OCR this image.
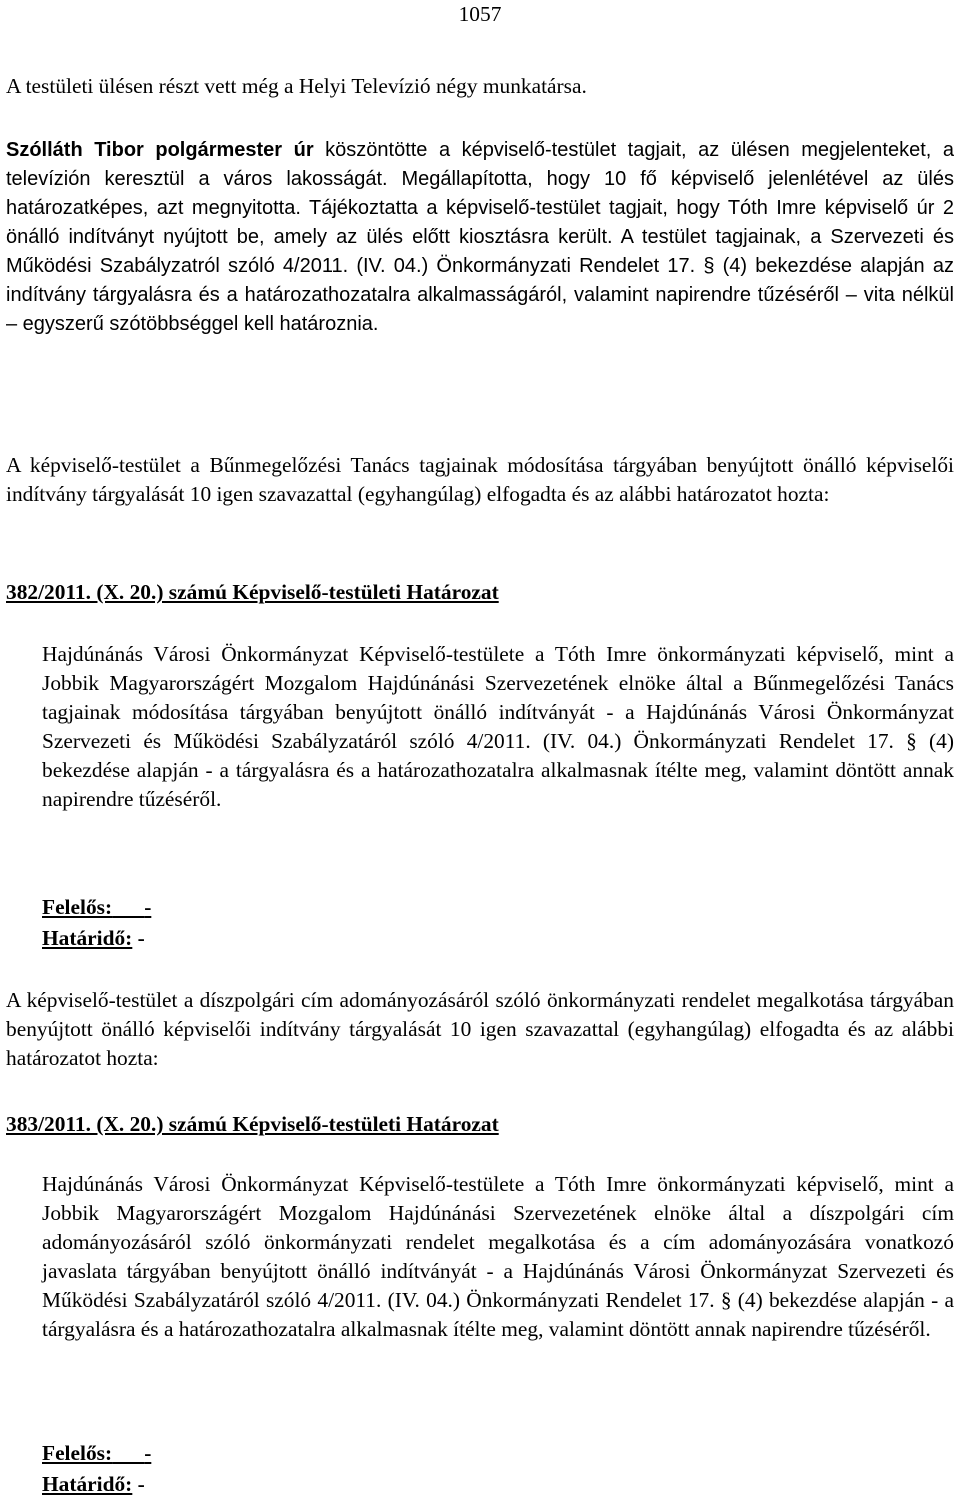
1057

A testületi ülésen részt vett még a Helyi Televízió négy munkatársa.

Szólláth Tibor polgármester úr köszöntötte a képviselő-testület tagjait, az ülésen megjelenteket, a televízión keresztül a város lakosságát. Megállapította, hogy 10 fő képviselő jelenlétével az ülés határozatképes, azt megnyitotta. Tájékoztatta a képviselő-testület tagjait, hogy Tóth Imre képviselő úr 2 önálló indítványt nyújtott be, amely az ülés előtt kiosztásra került. A testület tagjainak, a Szervezeti és Működési Szabályzatról szóló 4/2011. (IV. 04.) Önkormányzati Rendelet 17. § (4) bekezdése alapján az indítvány tárgyalásra és a határozathozatalra alkalmasságáról, valamint napirendre tűzéséről – vita nélkül – egyszerű szótöbbséggel kell határoznia.

A képviselő-testület a Bűnmegelőzési Tanács tagjainak módosítása tárgyában benyújtott önálló képviselői indítvány tárgyalását 10 igen szavazattal (egyhangúlag) elfogadta és az alábbi határozatot hozta:

382/2011. (X. 20.) számú Képviselő-testületi Határozat

Hajdúnánás Városi Önkormányzat Képviselő-testülete a Tóth Imre önkormányzati képviselő, mint a Jobbik Magyarországért Mozgalom Hajdúnánási Szervezetének elnöke által a Bűnmegelőzési Tanács tagjainak módosítása tárgyában benyújtott önálló indítványát - a Hajdúnánás Városi Önkormányzat Szervezeti és Működési Szabályzatáról szóló 4/2011. (IV. 04.) Önkormányzati Rendelet 17. § (4) bekezdése alapján - a tárgyalásra és a határozathozatalra alkalmasnak ítélte meg, valamint döntött annak napirendre tűzéséről.

Felelős: -

Határidő: -

A képviselő-testület a díszpolgári cím adományozásáról szóló önkormányzati rendelet megalkotása tárgyában benyújtott önálló képviselői indítvány tárgyalását 10 igen szavazattal (egyhangúlag) elfogadta és az alábbi határozatot hozta:

383/2011. (X. 20.) számú Képviselő-testületi Határozat

Hajdúnánás Városi Önkormányzat Képviselő-testülete a Tóth Imre önkormányzati képviselő, mint a Jobbik Magyarországért Mozgalom Hajdúnánási Szervezetének elnöke által a díszpolgári cím adományozásáról szóló önkormányzati rendelet megalkotása és a cím adományozására vonatkozó javaslata tárgyában benyújtott önálló indítványát - a Hajdúnánás Városi Önkormányzat Szervezeti és Működési Szabályzatáról szóló 4/2011. (IV. 04.) Önkormányzati Rendelet 17. § (4) bekezdése alapján - a tárgyalásra és a határozathozatalra alkalmasnak ítélte meg, valamint döntött annak napirendre tűzéséről.

Felelős: -

Határidő: -
